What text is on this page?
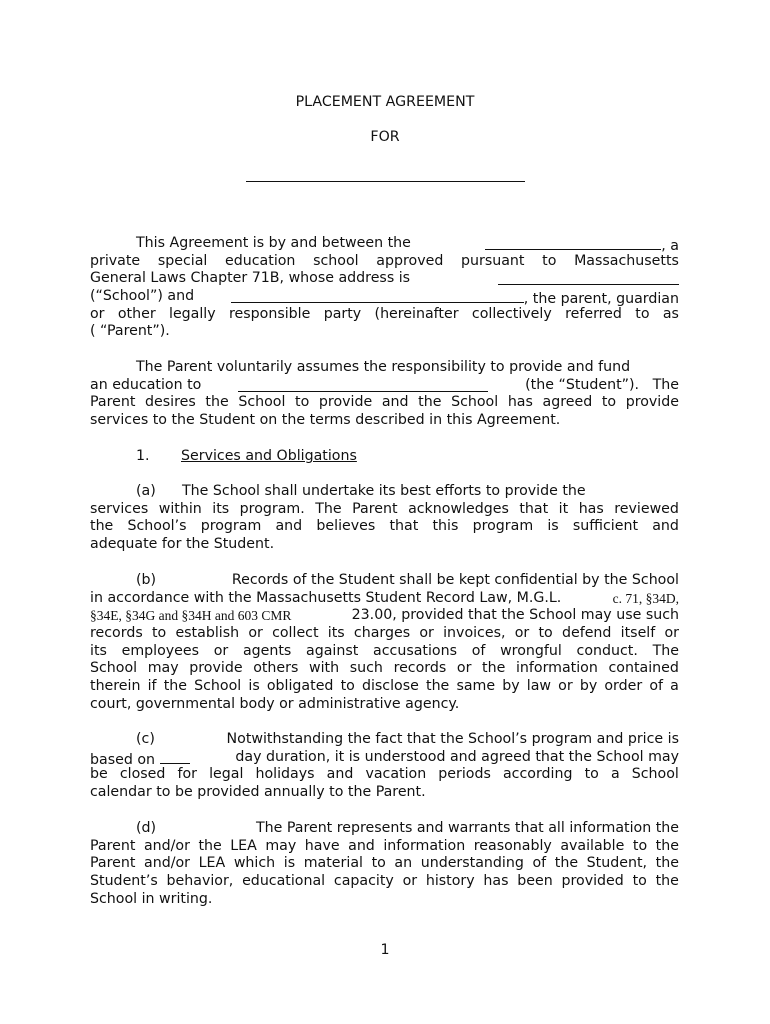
PLACEMENT AGREEMENT
FOR
This Agreement is by and between the	, a
private special education school approved pursuant to Massachusetts
General Laws Chapter 71B, whose address is
(“School”) and	, the parent, guardian
or other legally responsible party (hereinafter collectively referred to as
( “Parent”).
The Parent voluntarily assumes the responsibility to provide and fund
an education to	(the “Student”).   The
Parent desires the School to provide and the School has agreed to provide
services to the Student on the terms described in this Agreement.
1. Services and Obligations
(a)	The School shall undertake its best efforts to provide the
services within its program. The Parent acknowledges that it has reviewed
the School’s program and believes that this program is sufficient and
adequate for the Student.
(b)	Records of the Student shall be kept confidential by the School
in accordance with the Massachusetts Student Record Law, M.G.L.	c. 71, §34D,
§34E, §34G and §34H and 603 CMR	23.00, provided that the School may use such
records to establish or collect its charges or invoices, or to defend itself or
its employees or agents against accusations of wrongful conduct. The
School may provide others with such records or the information contained
therein if the School is obligated to disclose the same by law or by order of a
court, governmental body or administrative agency.
(c)	Notwithstanding the fact that the School’s program and price is
based on	day duration, it is understood and agreed that the School may
be closed for legal holidays and vacation periods according to a School
calendar to be provided annually to the Parent.
(d)	The Parent represents and warrants that all information the
Parent and/or the LEA may have and information reasonably available to the
Parent and/or LEA which is material to an understanding of the Student, the
Student’s behavior, educational capacity or history has been provided to the
School in writing.
1
